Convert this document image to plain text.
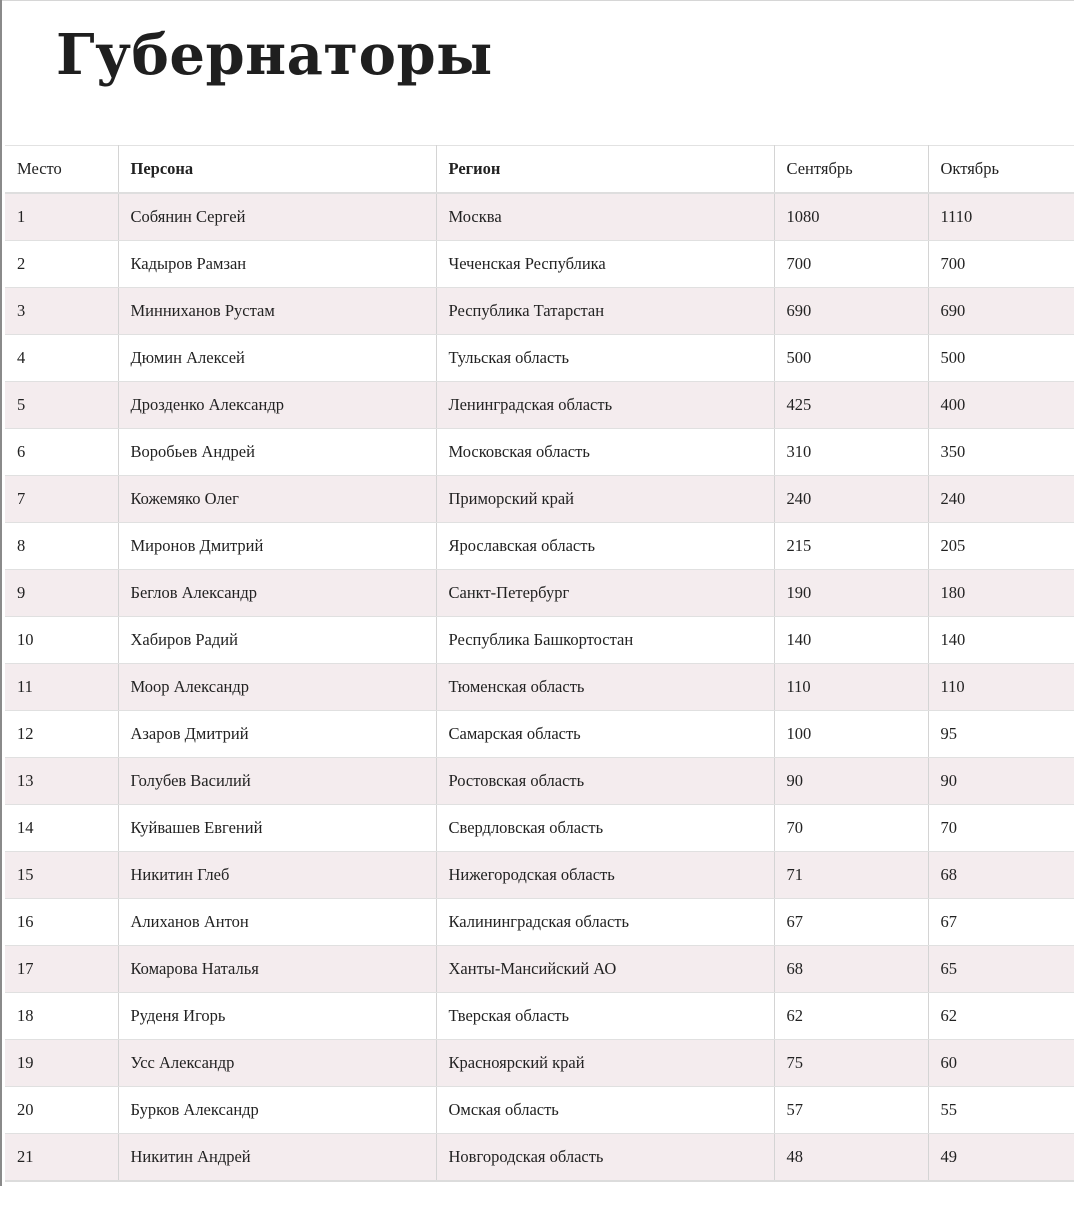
Губернаторы
Место	Персона	Регион	Сентябрь	Октябрь
1	Собянин Сергей	Москва	1080	1110
2	Кадыров Рамзан	Чеченская Республика	700	700
3	Минниханов Рустам	Республика Татарстан	690	690
4	Дюмин Алексей	Тульская область	500	500
5	Дрозденко Александр	Ленинградская область	425	400
6	Воробьев Андрей	Московская область	310	350
7	Кожемяко Олег	Приморский край	240	240
8	Миронов Дмитрий	Ярославская область	215	205
9	Беглов Александр	Санкт-Петербург	190	180
10	Хабиров Радий	Республика Башкортостан	140	140
11	Моор Александр	Тюменская область	110	110
12	Азаров Дмитрий	Самарская область	100	95
13	Голубев Василий	Ростовская область	90	90
14	Куйвашев Евгений	Свердловская область	70	70
15	Никитин Глеб	Нижегородская область	71	68
16	Алиханов Антон	Калининградская область	67	67
17	Комарова Наталья	Ханты-Мансийский АО	68	65
18	Руденя Игорь	Тверская область	62	62
19	Усс Александр	Красноярский край	75	60
20	Бурков Александр	Омская область	57	55
21	Никитин Андрей	Новгородская область	48	49
